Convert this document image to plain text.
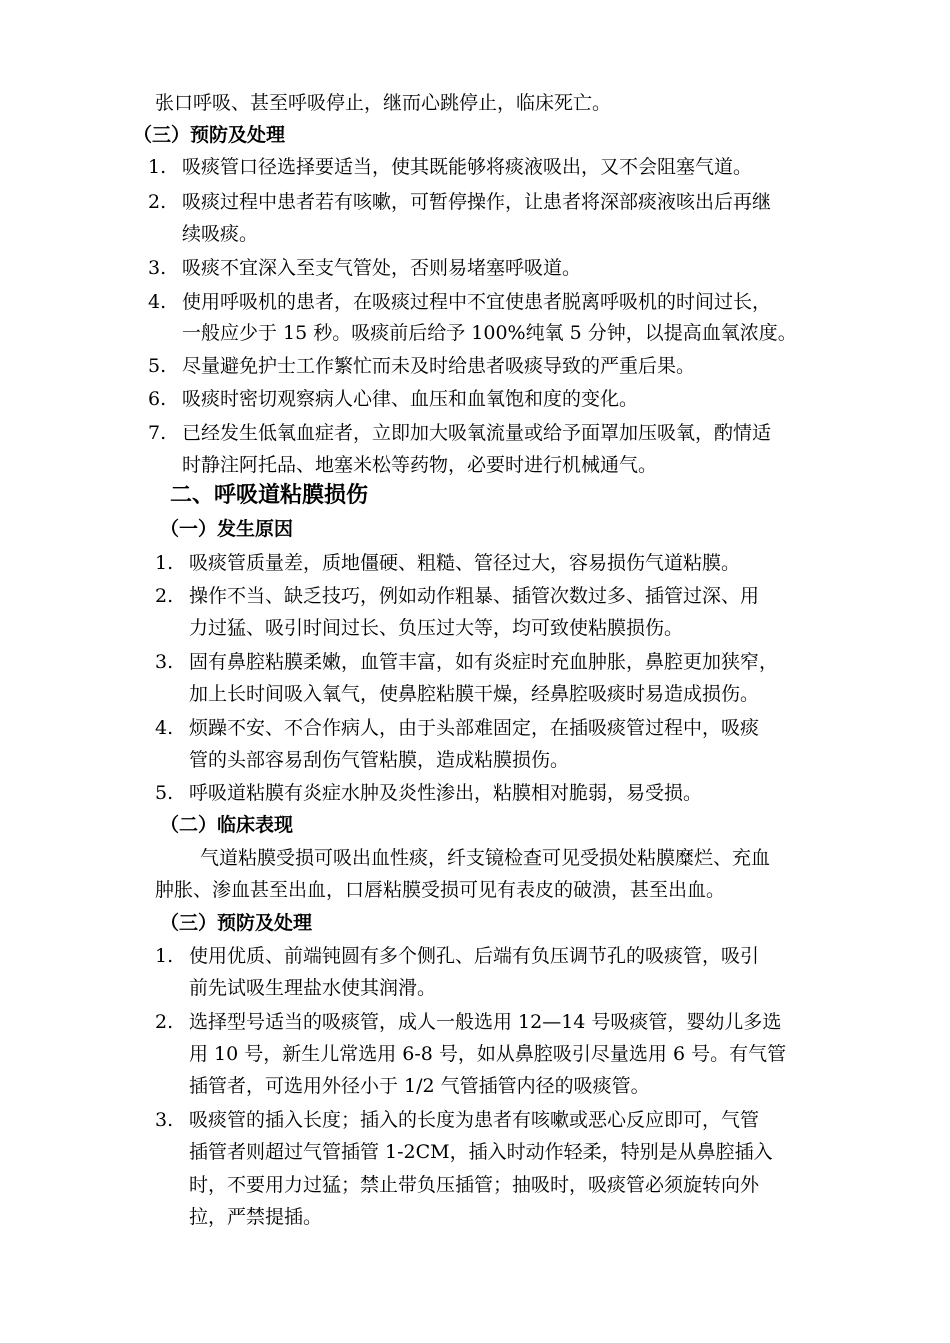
张口呼吸、甚至呼吸停止，继而心跳停止，临床死亡。
（三）预防及处理
1. 吸痰管口径选择要适当，使其既能够将痰液吸出，又不会阻塞气道。
2. 吸痰过程中患者若有咳嗽，可暂停操作，让患者将深部痰液咳出后再继
续吸痰。
3. 吸痰不宜深入至支气管处，否则易堵塞呼吸道。
4. 使用呼吸机的患者，在吸痰过程中不宜使患者脱离呼吸机的时间过长，
一般应少于 15 秒。吸痰前后给予 100%纯氧 5 分钟，以提高血氧浓度。
5. 尽量避免护士工作繁忙而未及时给患者吸痰导致的严重后果。
6. 吸痰时密切观察病人心律、血压和血氧饱和度的变化。
7. 已经发生低氧血症者，立即加大吸氧流量或给予面罩加压吸氧，酌情适
时静注阿托品、地塞米松等药物，必要时进行机械通气。
二、呼吸道粘膜损伤
（一）发生原因
1. 吸痰管质量差，质地僵硬、粗糙、管径过大，容易损伤气道粘膜。
2. 操作不当、缺乏技巧，例如动作粗暴、插管次数过多、插管过深、用
力过猛、吸引时间过长、负压过大等，均可致使粘膜损伤。
3. 固有鼻腔粘膜柔嫩，血管丰富，如有炎症时充血肿胀，鼻腔更加狭窄，
加上长时间吸入氧气，使鼻腔粘膜干燥，经鼻腔吸痰时易造成损伤。
4. 烦躁不安、不合作病人，由于头部难固定，在插吸痰管过程中，吸痰
管的头部容易刮伤气管粘膜，造成粘膜损伤。
5. 呼吸道粘膜有炎症水肿及炎性渗出，粘膜相对脆弱，易受损。
（二）临床表现
气道粘膜受损可吸出血性痰，纤支镜检查可见受损处粘膜糜烂、充血
肿胀、渗血甚至出血，口唇粘膜受损可见有表皮的破溃，甚至出血。
（三）预防及处理
1. 使用优质、前端钝圆有多个侧孔、后端有负压调节孔的吸痰管，吸引
前先试吸生理盐水使其润滑。
2. 选择型号适当的吸痰管，成人一般选用 12—14 号吸痰管，婴幼儿多选
用 10 号，新生儿常选用 6-8 号，如从鼻腔吸引尽量选用 6 号。有气管
插管者，可选用外径小于 1/2 气管插管内径的吸痰管。
3. 吸痰管的插入长度；插入的长度为患者有咳嗽或恶心反应即可，气管
插管者则超过气管插管 1-2CM，插入时动作轻柔，特别是从鼻腔插入
时，不要用力过猛；禁止带负压插管；抽吸时，吸痰管必须旋转向外
拉，严禁提插。
